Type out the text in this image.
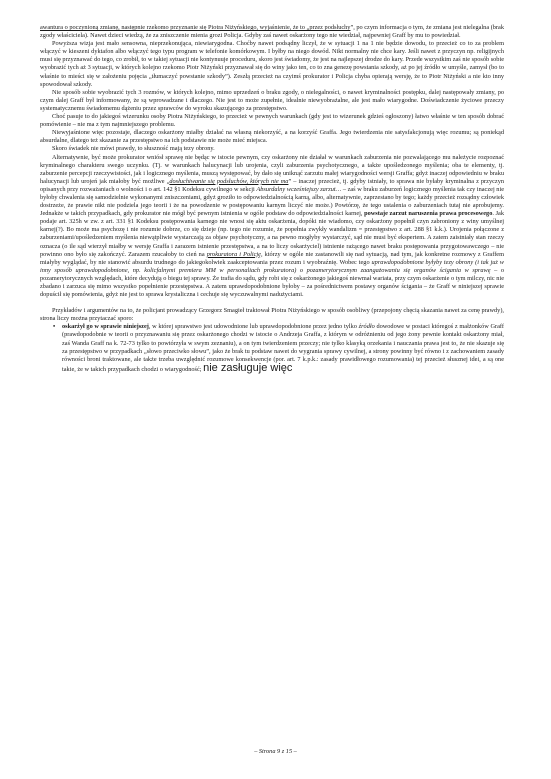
awantura o poczynioną zmianę, następnie rzekomo przyznanie się Piotra Niżyńskiego, wyjaśnienie, że to „przez podsłuchy”, po czym informacja o tym, że zmiana jest nielegalna (brak zgody właściciela). Nawet dzieci wiedzą, że za zniszczenie mienia grozi Policja. Gdyby zaś nawet oskarżony tego nie wiedział, najpewniej Graff by mu to powiedział.

Powyższa wizja jest mało sensowna, nieprzekonująca, niewiarygodna. Choćby nawet podsądny liczył, że w sytuacji 1 na 1 nie będzie dowodu, to przecież co to za problem włączyć w kieszeni dyktafon albo włączyć tego typu program w telefonie komórkowym. I byłby na niego dowód. Nikt normalny nie chce kary. Jeśli nawet z przyczyn np. religijnych musi się przyznawać do tego, co zrobił, to w takiej sytuacji nie kontynuuje proceduru, skoro jest świadomy, że jest na najlepszej drodze do kary. Przede wszystkim zaś nie sposób sobie wyobrazić tych aż 3 sytuacji, w których kolejno rzekomo Piotr Niżyński przyznawał się do winy jako ten, co to zna genezę powstania szkody, aż po jej źródło w umyśle, zamysł (bo to właśnie to mieści się w założeniu pojęcia „tłumaczyć powstanie szkody”). Zeszłą przecież na czyimś prokurator i Policja chyba opierają wersję, że to Piotr Niżyński a nie kto inny spowodował szkody.

Nie sposób sobie wyobrazić tych 3 rozmów, w których kolejno, mimo uprzedzeń o braku zgody, o nielegalności, o nawet kryminalności postępku, dalej następowały zmiany, po czym dalej Graff był informowany, że są wprowadzane i dlaczego. Nie jest to może zupełnie, idealnie niewyobrażalne, ale jest mało wiarygodne. Doświadczenie życiowe przeczy systematycznemu świadomemu dążeniu przez sprawców do wyroku skazującego za przestępstwo.

Choć pasuje to do jakiegoś wizerunku osoby Piotra Niżyńskiego, to przecież w pewnych warunkach (gdy jest to wizerunek gdzieś ogłoszony) łatwo właśnie w ten sposób dobrać pomówienie – nie ma z tym najmniejszego problemu.

Niewyjaśnione więc pozostaje, dlaczego oskarżony miałby działać na własną niekorzyść, a na korzyść Graffa. Jego twierdzenia nie satysfakcjonują więc rozumu; są poniekąd absurdalne, dlatego też skazanie za przestępstwo na ich podstawie nie może mieć miejsca.

Skoro świadek nie mówi prawdy, to słuszność mają tezy obrony.

Alternatywnie, być może prokurator wniósł sprawę nie będąc w istocie pewnym, czy oskarżony nie działał w warunkach zaburzenia nie pozwalającego mu należycie rozpoznać kryminalnego charakteru swego uczynku. (Tj. w warunkach halucynacji lub urojenia, czyli zaburzenia psychotycznego, a także upośledzonego myślenia; oba te elementy, tj. zaburzenie percepcji rzeczywistości, jak i logicznego myślenia, muszą występować, by dało się uniknąć zarzutu małej wiarygodności wersji Graffa; gdyż inaczej odpowiedniu w braku halucynacji lub urojeń jak miałoby być możliwe „dosłuchiwanie się podsłuchów, których nie ma” – inaczej przecież, tj. gdyby istniały, to sprawa nie byłaby kryminalna z przyczyn opisanych przy rozważaniach o wolności i o art. 142 §1 Kodeksu cywilnego w sekcji Absurdalny wcześniejszy zarzut… – zaś w braku zaburzeń logicznego myślenia tak czy inaczej nie byłoby chwalenia się samodzielnie wykonanymi zniszczeniami, gdyż groziło to odpowiedzialnością karną, albo, alternatywnie, zaprzestano by tego; każdy przecież rozsądny człowiek dostrzeże, że prawie nikt nie podziela jego teorii i że na powodzenie w postępowaniu karnym liczyć nie może.) Powtórzę, że tego ustalenia o zaburzeniach tutaj nie aprobujemy. Jednakże w takich przypadkach, gdy prokurator nie mógł być pewnym istnienia w ogóle podstaw do odpowiedzialności karnej, powstaje zarzut naruszenia prawa procesowego. Jak podaje art. 325h w zw. z art. 331 §1 Kodeksu postępowania karnego nie wnosi się aktu oskarżenia, dopóki nie wiadomo, czy oskarżony popełnił czyn zabroniony z winy umyślnej karnej(?). Bo może ma psychozę i nie rozumie dobrze, co się dzieje (np. tego nie rozumie, że popełnia zwykły wandalizm = przestępstwo z art. 288 §1 k.k.). Urojenia połączone z zaburzeniami/upośledzeniem myślenia niewątpliwie wystarczają za objaw psychotyczny, a na pewno mogłyby wystarczyć, sąd nie musi być ekspertem. A zatem zaistniały stan rzeczy oznacza (o ile sąd wierzył miałby w wersję Graffa i zarazem istnienie przestępstwa, a na to liczy oskarżyciel) istnienie rażącego nawet braku postępowania przygotowawczego – nie powinno ono było się zakończyć. Zarazem rzucałoby to cień na prokuratora i Policję, którzy w ogóle nie zastanowili się nad sytuacją, nad tym, jak konkretne rozmowy z Graffem miałyby wyglądać, by nie stanowić absurdu trudnego do jakiegokolwiek zaakceptowania przez rozum i wyobraźnię. Wobec tego uprawdopodobnione byłyby tezy obrony (i tak już w inny sposób uprawdopodobnione, np. kolicfalnymi premiera MM w personaliach prokuratora) o pozamerytorycznym zaangażowaniu się organów ścigania w sprawę – o pozamerytorycznych względach, które decydują o biegu tej sprawy. Że trafia do sądu, gdy robi się z oskarżonego jakiegoś niewmał wariata, przy czym oskarżenie o tym milczy, nic nie zbadano i zarzuca się mimo wszystko popełnienie przestępstwa. A zatem uprawdopodobnione byłoby – za pośrednictwem postawy organów ścigania – że Graff w niniejszej sprawie dopuścił się pomówienia, gdyż nie jest to sprawa krystaliczna i cechuje się wyczuwalnymi nadużyciami.

Przykładów i argumentów na to, że policjant prowadzący Grzegorz Smagieł traktował Piotra Niżyńskiego w sposób osobliwy (przepojony chęcią skazania nawet za cenę prawdy), strona liczy można przytaczać sporo:

• oskarżył go w sprawie niniejszej, w której sprawstwo jest udowodnione lub uprawdopodobnione przez jedno tylko źródło dowodowe w postaci któregoś z małżonków Graff (prawdopodobnie w teorii o przyznawaniu się przez oskarżonego chodzi w istocie o Andrzeja Graffa, z którym w odróżnieniu od jego żony pewnie kontakt oskarżony miał, zaś Wanda Graff na k. 72-73 tylko to powtórzyła w swym zeznaniu), a on tym twierdzeniem przeczy; nie tylko klasyką orzekania i nauczania prawa jest to, że nie skazuje się za przestępstwo w przypadkach „słowo przeciwko słowu”, jako że brak tu podstaw nawet do wygrania sprawy cywilnej, a strony powinny być równo i z zachowaniem zasady równości broni traktowane, ale także trzeba uwzględnić rozumowe konsekwencje (por. art. 7 k.p.k.: zasady prawidłowego rozumowania) tej przecież słusznej idei, a są one takie, że w takich przypadkach chodzi o wiarygodność; nie zasługuje więc
– Strona 9 z 15 –
